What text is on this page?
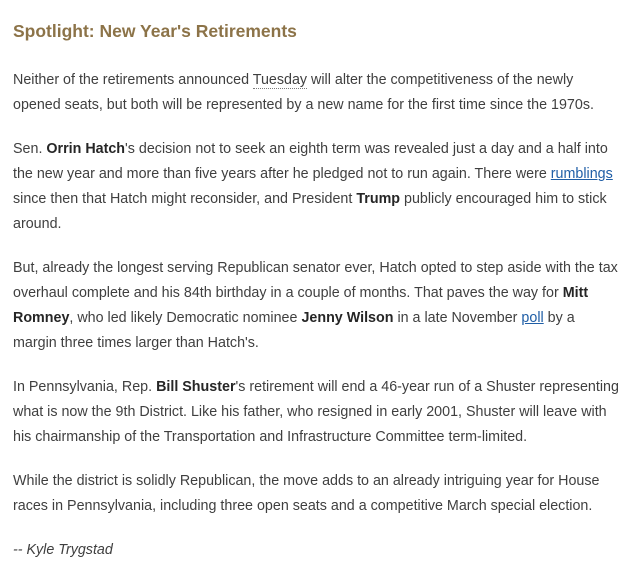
Spotlight: New Year's Retirements

Neither of the retirements announced Tuesday will alter the competitiveness of the newly opened seats, but both will be represented by a new name for the first time since the 1970s.

Sen. Orrin Hatch's decision not to seek an eighth term was revealed just a day and a half into the new year and more than five years after he pledged not to run again. There were rumblings since then that Hatch might reconsider, and President Trump publicly encouraged him to stick around.

But, already the longest serving Republican senator ever, Hatch opted to step aside with the tax overhaul complete and his 84th birthday in a couple of months. That paves the way for Mitt Romney, who led likely Democratic nominee Jenny Wilson in a late November poll by a margin three times larger than Hatch's.

In Pennsylvania, Rep. Bill Shuster's retirement will end a 46-year run of a Shuster representing what is now the 9th District. Like his father, who resigned in early 2001, Shuster will leave with his chairmanship of the Transportation and Infrastructure Committee term-limited.

While the district is solidly Republican, the move adds to an already intriguing year for House races in Pennsylvania, including three open seats and a competitive March special election.

-- Kyle Trygstad
